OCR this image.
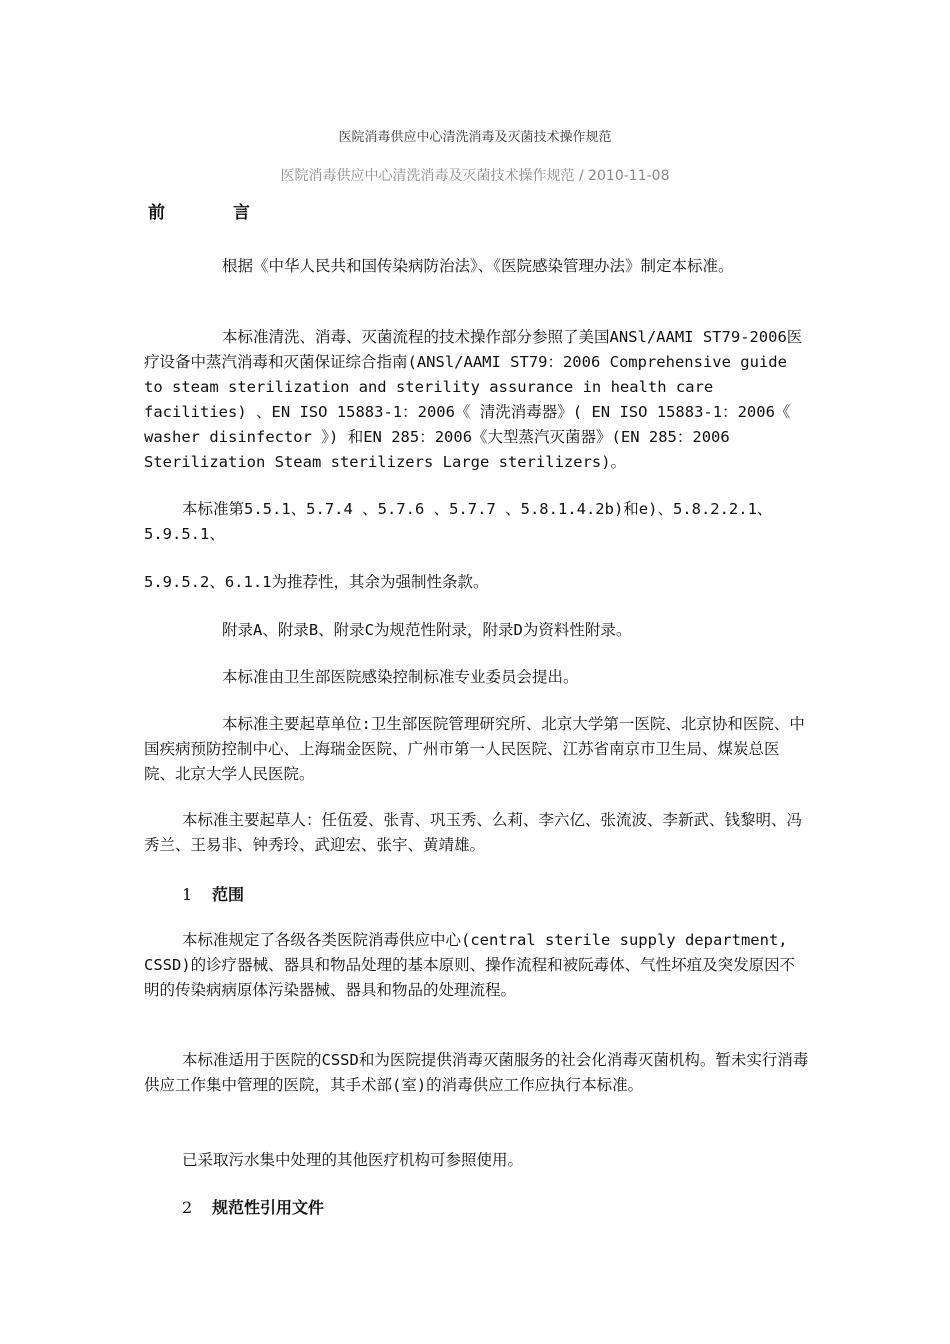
医院消毒供应中心清洗消毒及灭菌技术操作规范
医院消毒供应中心清洗消毒及灭菌技术操作规范 / 2010-11-08
前	言
根据《中华人民共和国传染病防治法》、《医院感染管理办法》制定本标准。
本标准清洗、消毒、灭菌流程的技术操作部分参照了美国ANSl/AAMI ST79-2006医疗设备中蒸汽消毒和灭菌保证综合指南(ANSl/AAMI ST79：2006 Comprehensive guide to steam sterilization and sterility assurance in health care facilities) 、EN ISO 15883-1：2006《 清洗消毒器》( EN ISO 15883-1：2006《 washer disinfector 》) 和EN 285：2006《大型蒸汽灭菌器》(EN 285：2006 Sterilization Steam sterilizers Large sterilizers)。
本标准第5.5.1、5.7.4 、5.7.6 、5.7.7 、5.8.1.4.2b)和e)、5.8.2.2.1、5.9.5.1、
5.9.5.2、6.1.1为推荐性，其余为强制性条款。
附录A、附录B、附录C为规范性附录，附录D为资料性附录。
本标准由卫生部医院感染控制标准专业委员会提出。
本标准主要起草单位:卫生部医院管理研究所、北京大学第一医院、北京协和医院、中国疾病预防控制中心、上海瑞金医院、广州市第一人民医院、江苏省南京市卫生局、煤炭总医院、北京大学人民医院。
本标准主要起草人：任伍爱、张青、巩玉秀、么莉、李六亿、张流波、李新武、钱黎明、冯秀兰、王易非、钟秀玲、武迎宏、张宇、黄靖雄。
1 范围
本标准规定了各级各类医院消毒供应中心(central sterile supply department, CSSD)的诊疗器械、器具和物品处理的基本原则、操作流程和被阮毒体、气性坏疽及突发原因不明的传染病病原体污染器械、器具和物品的处理流程。
本标准适用于医院的CSSD和为医院提供消毒灭菌服务的社会化消毒灭菌机构。暂未实行消毒供应工作集中管理的医院，其手术部(室)的消毒供应工作应执行本标准。
已采取污水集中处理的其他医疗机构可参照使用。
2 规范性引用文件
